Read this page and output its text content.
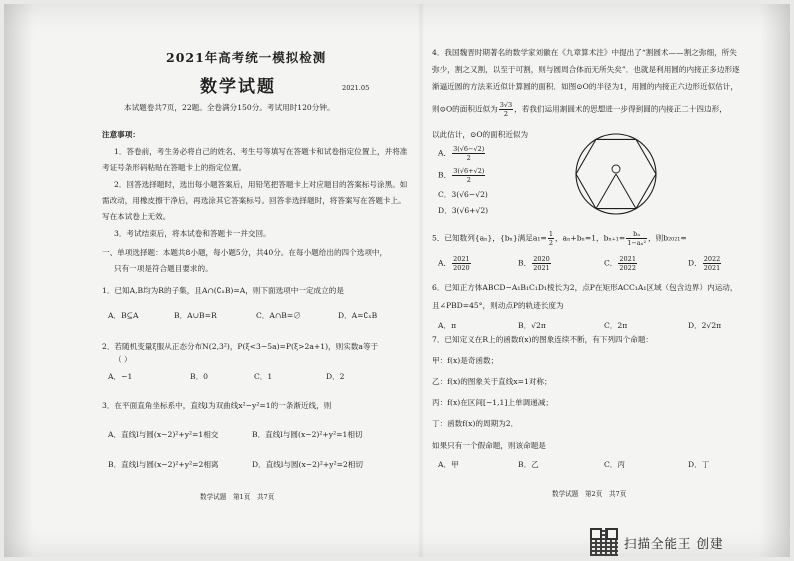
2021年高考统一模拟检测
数学试题	2021.05
本试题卷共7页，22题。全卷满分150分。考试用时120分钟。
注意事项：
1．答卷前，考生务必将自己的姓名、考生号等填写在答题卡和试卷指定位置上，并将准
考证号条形码粘贴在答题卡上的指定位置。
2．回答选择题时，选出每小题答案后，用铅笔把答题卡上对应题目的答案标号涂黑。如
需改动，用橡皮擦干净后，再选涂其它答案标号。回答非选择题时，将答案写在答题卡上。
写在本试卷上无效。
3．考试结束后，将本试卷和答题卡一并交回。
一、单项选择题：本题共8小题，每小题5分，共40分。在每小题给出的四个选项中，
只有一项是符合题目要求的。
1．已知A,B均为R的子集，且A∩(∁ₓB)=A，则下面选项中一定成立的是
A．B⊆A	B．A∪B=R	C．A∩B=∅	D．A=∁ₓB
2．若随机变量ξ服从正态分布N(2,3²)，P(ξ<3−5a)=P(ξ>2a+1)，则实数a等于
（ ）
A．−1	B．0	C．1	D．2
3．在平面直角坐标系中，直线l为双曲线x²−y²=1的一条渐近线，则
A．直线l与圆(x−2)²+y²=1相交	B．直线l与圆(x−2)²+y²=1相切
B．直线l与圆(x−2)²+y²=2相离	D．直线l与圆(x−2)²+y²=2相切
数学试题　第1页　共7页
4．我国魏晋时期著名的数学家刘徽在《九章算术注》中提出了“割圆术——割之弥细，所失
弥少，割之又割，以至于可割，则与圆周合体而无所失矣”．也就是利用圆的内接正多边形逐
渐逼近圆的方法来近似计算圆的面积．如图⊙O的半径为1，用圆的内接正六边形近似估计，
则⊙O的面积近似为 $\frac{3√3}{2}$ ，若我们运用割圆术的思想进一步得到圆的内接正二十四边形，
以此估计，⊙O的面积近似为
A． $\frac{3(√6-√2)}{2}$
B． $\frac{3(√6+√2)}{2}$
C．3(√6−√2)
D．3(√6+√2)
5．已知数列{aₙ}，{bₙ}满足$a_1= \frac{1}{2}$ ，aₙ+bₙ=1，$b_{n+1}= \frac{\text{bₙ}}{\text{1−aₙ²}}$ ，则b₂₀₂₁=
A． $\frac{2021}{2020}$	B． $\frac{2020}{2021}$	C． $\frac{2021}{2022}$	D． $\frac{2022}{2021}$
6．已知正方体ABCD−A₁B₁C₁D₁棱长为2，点P在矩形ACC₁A₁区域（包含边界）内运动，
且∠PBD=45°，则动点P的轨迹长度为
A．π	B．√2π	C．2π	D．2√2π
7．已知定义在R上的函数f(x)的图象连续不断，有下列四个命题：
甲：f(x)是奇函数；
乙：f(x)的图象关于直线x=1对称；
丙：f(x)在区间[−1,1]上单调递减；
丁：函数f(x)的周期为2．
如果只有一个假命题，则该命题是
A．甲	B．乙	C．丙	D．丁
数学试题　第2页　共7页
扫描全能王 创建
